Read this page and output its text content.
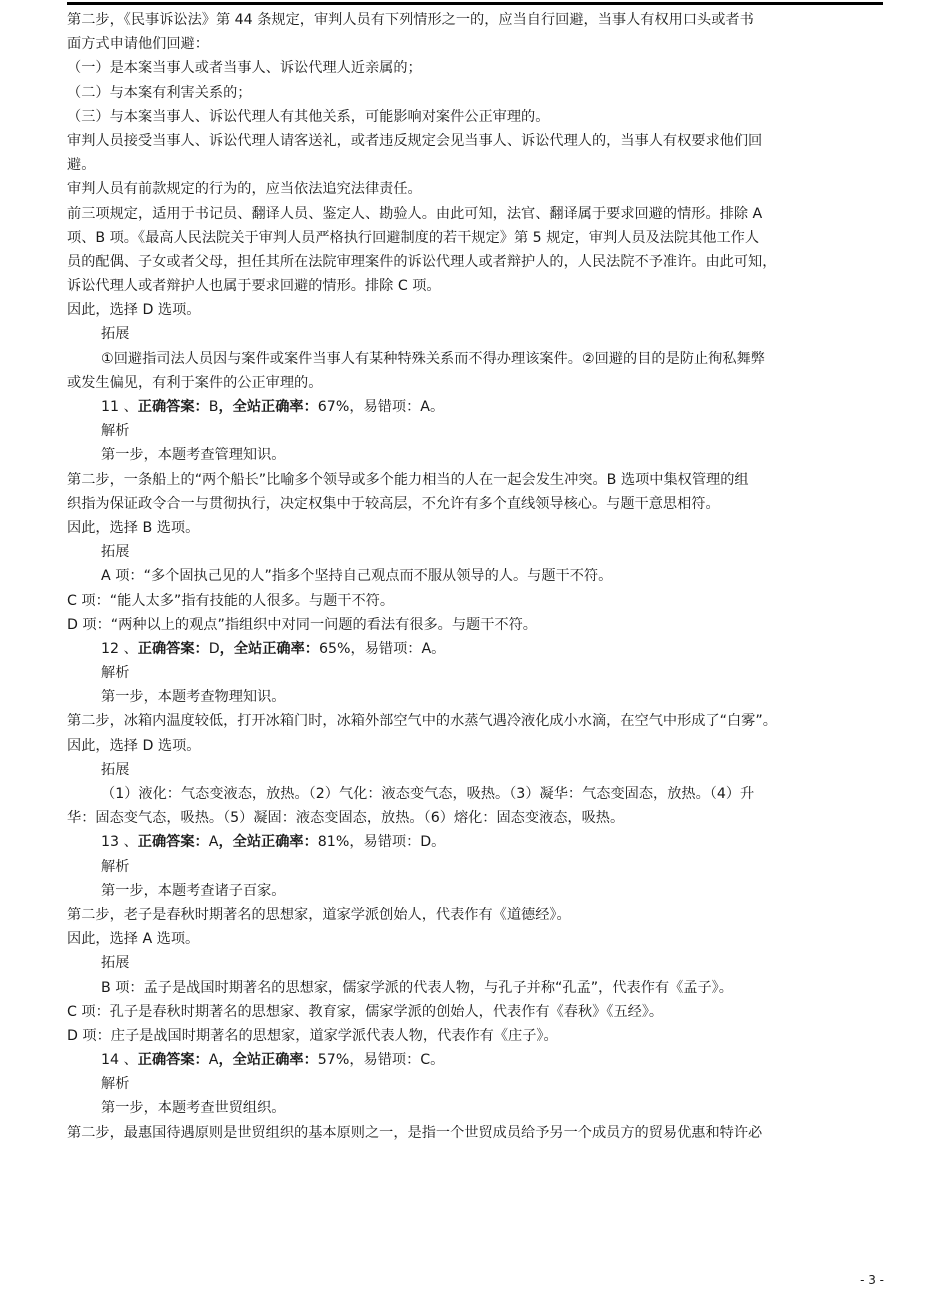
第二步，《民事诉讼法》第 44 条规定，审判人员有下列情形之一的，应当自行回避，当事人有权用口头或者书
面方式申请他们回避：
（一）是本案当事人或者当事人、诉讼代理人近亲属的；
（二）与本案有利害关系的；
（三）与本案当事人、诉讼代理人有其他关系，可能影响对案件公正审理的。
审判人员接受当事人、诉讼代理人请客送礼，或者违反规定会见当事人、诉讼代理人的，当事人有权要求他们回
避。
审判人员有前款规定的行为的，应当依法追究法律责任。
前三项规定，适用于书记员、翻译人员、鉴定人、勘验人。由此可知，法官、翻译属于要求回避的情形。排除 A
项、B 项。《最高人民法院关于审判人员严格执行回避制度的若干规定》第 5 规定，审判人员及法院其他工作人
员的配偶、子女或者父母，担任其所在法院审理案件的诉讼代理人或者辩护人的，人民法院不予准许。由此可知，
诉讼代理人或者辩护人也属于要求回避的情形。排除 C 项。
因此，选择 D 选项。
拓展
①回避指司法人员因与案件或案件当事人有某种特殊关系而不得办理该案件。②回避的目的是防止徇私舞弊
或发生偏见，有利于案件的公正审理的。
11 、正确答案：B，全站正确率：67%，易错项：A。
解析
第一步，本题考查管理知识。
第二步，一条船上的“两个船长”比喻多个领导或多个能力相当的人在一起会发生冲突。B 选项中集权管理的组
织指为保证政令合一与贯彻执行，决定权集中于较高层，不允许有多个直线领导核心。与题干意思相符。
因此，选择 B 选项。
拓展
A 项：“多个固执己见的人”指多个坚持自己观点而不服从领导的人。与题干不符。
C 项：“能人太多”指有技能的人很多。与题干不符。
D 项：“两种以上的观点”指组织中对同一问题的看法有很多。与题干不符。
12 、正确答案：D，全站正确率：65%，易错项：A。
解析
第一步，本题考查物理知识。
第二步，冰箱内温度较低，打开冰箱门时，冰箱外部空气中的水蒸气遇冷液化成小水滴，在空气中形成了“白雾”。
因此，选择 D 选项。
拓展
（1）液化：气态变液态，放热。（2）气化：液态变气态，吸热。（3）凝华：气态变固态，放热。（4）升
华：固态变气态，吸热。（5）凝固：液态变固态，放热。（6）熔化：固态变液态，吸热。
13 、正确答案：A，全站正确率：81%，易错项：D。
解析
第一步，本题考查诸子百家。
第二步，老子是春秋时期著名的思想家，道家学派创始人，代表作有《道德经》。
因此，选择 A 选项。
拓展
B 项：孟子是战国时期著名的思想家，儒家学派的代表人物，与孔子并称“孔孟”，代表作有《孟子》。
C 项：孔子是春秋时期著名的思想家、教育家，儒家学派的创始人，代表作有《春秋》《五经》。
D 项：庄子是战国时期著名的思想家，道家学派代表人物，代表作有《庄子》。
14 、正确答案：A，全站正确率：57%，易错项：C。
解析
第一步，本题考查世贸组织。
第二步，最惠国待遇原则是世贸组织的基本原则之一，是指一个世贸成员给予另一个成员方的贸易优惠和特许必
- 3 -
